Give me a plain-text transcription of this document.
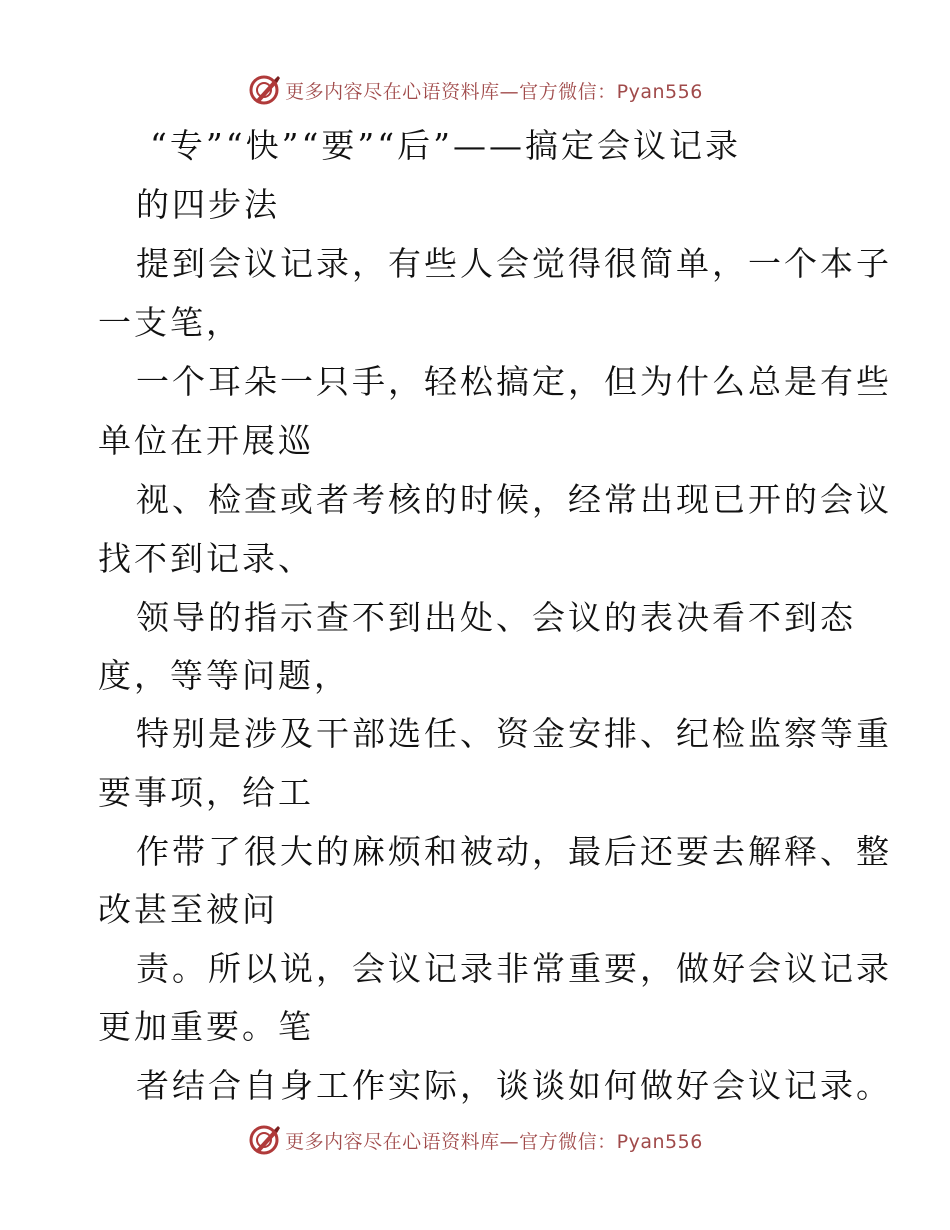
更多内容尽在心语资料库—官方微信：Pyan556
“专”“快”“要”“后”——搞定会议记录
的四步法
提到会议记录，有些人会觉得很简单，一个本子
一支笔，
一个耳朵一只手，轻松搞定，但为什么总是有些
单位在开展巡
视、检查或者考核的时候，经常出现已开的会议
找不到记录、
领导的指示查不到出处、会议的表决看不到态
度，等等问题，
特别是涉及干部选任、资金安排、纪检监察等重
要事项，给工
作带了很大的麻烦和被动，最后还要去解释、整
改甚至被问
责。所以说，会议记录非常重要，做好会议记录
更加重要。笔
者结合自身工作实际，谈谈如何做好会议记录。
更多内容尽在心语资料库—官方微信：Pyan556
